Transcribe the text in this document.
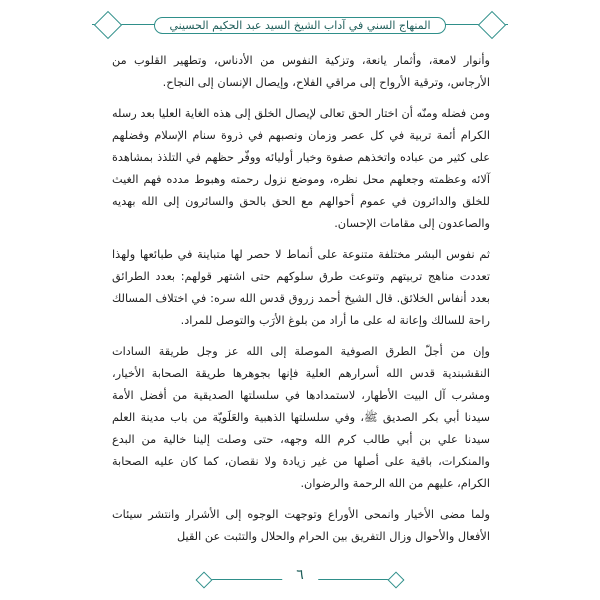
المنهاج السني في آداب الشيخ السيد عبد الحكيم الحسيني

وأنوار لامعة، وأثمار يانعة، وتزكية النفوس من الأدناس، وتطهير القلوب من الأرجاس، وترقية الأرواح إلى مراقي الفلاح، وإيصال الإنسان إلى النجاح.

ومن فضله ومنّه أن اختار الحق تعالى لإيصال الخلق إلى هذه الغاية العليا بعد رسله الكرام أئمة تربية في كل عصر وزمان ونصبهم في ذروة سنام الإسلام وفضلهم على كثير من عباده واتخذهم صفوة وخيار أوليائه ووفّر حظهم في التلذذ بمشاهدة آلائه وعظمته وجعلهم محل نظره، وموضع نزول رحمته وهبوط مدده فهم الغيث للخلق والدائرون في عموم أحوالهم مع الحق بالحق والسائرون إلى الله بهديه والصاعدون إلى مقامات الإحسان.

ثم نفوس البشر مختلفة متنوعة على أنماط لا حصر لها متباينة في طبائعها ولهذا تعددت مناهج تربيتهم وتنوعت طرق سلوكهم حتى اشتهر قولهم: بعدد الطرائق بعدد أنفاس الخلائق. قال الشيخ أحمد زروق قدس الله سره: في اختلاف المسالك راحة للسالك وإعانة له على ما أراد من بلوغ الأرَب والتوصل للمراد.

وإن من أجلّ الطرق الصوفية الموصلة إلى الله عز وجل طريقة السادات النقشبندية قدس الله أسرارهم العلية فإنها بجوهرها طريقة الصحابة الأخيار، ومشرب آل البيت الأطهار، لاستمدادها في سلسلتها الصديقية من أفضل الأمة سيدنا أبي بكر الصديق ﷺ، وفي سلسلتها الذهبية والعَلَويّة من باب مدينة العلم سيدنا علي بن أبي طالب كرم الله وجهه، حتى وصلت إلينا خالية من البدع والمنكرات، باقية على أصلها من غير زيادة ولا نقصان، كما كان عليه الصحابة الكرام، عليهم من الله الرحمة والرضوان.

ولما مضى الأخيار وانمحى الأوراع وتوجهت الوجوه إلى الأشرار وانتشر سيئات الأفعال والأحوال وزال التفريق بين الحرام والحلال والتثبت عن القيل

٦
